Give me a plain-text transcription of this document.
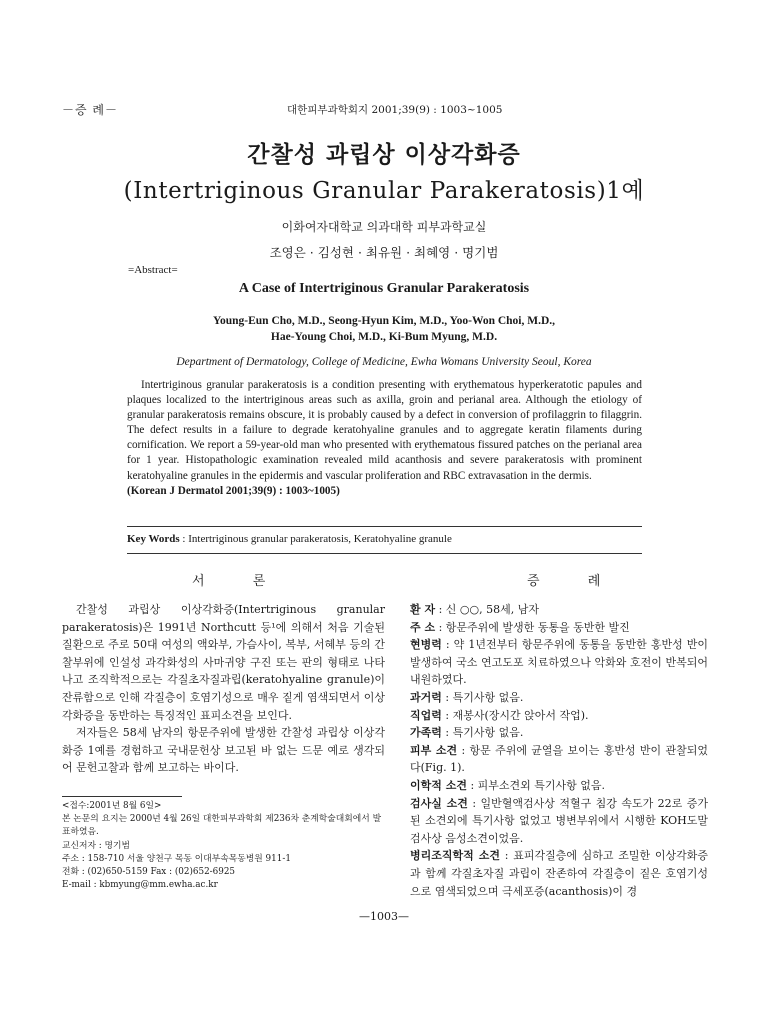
－증 례－	대한피부과학회지 2001;39(9) : 1003~1005
간찰성 과립상 이상각화증
(Intertriginous Granular Parakeratosis)1예
이화여자대학교 의과대학 피부과학교실
조영은 · 김성현 · 최유원 · 최혜영 · 명기범
=Abstract=
A Case of Intertriginous Granular Parakeratosis
Young-Eun Cho, M.D., Seong-Hyun Kim, M.D., Yoo-Won Choi, M.D.,
Hae-Young Choi, M.D., Ki-Bum Myung, M.D.
Department of Dermatology, College of Medicine, Ewha Womans University Seoul, Korea

Intertriginous granular parakeratosis is a condition presenting with erythematous hyperkeratotic papules and plaques localized to the intertriginous areas such as axilla, groin and perianal area. Although the etiology of granular parakeratosis remains obscure, it is probably caused by a defect in conversion of profilaggrin to filaggrin. The defect results in a failure to degrade keratohyaline granules and to aggregate keratin filaments during cornification. We report a 59-year-old man who presented with erythematous fissured patches on the perianal area for 1 year. Histopathologic examination revealed mild acanthosis and severe parakeratosis with prominent keratohyaline granules in the epidermis and vascular proliferation and RBC extravasation in the dermis.

(Korean J Dermatol 2001;39(9) : 1003~1005)
Key Words : Intertriginous granular parakeratosis, Keratohyaline granule
서 론	증 례

간찰성 과립상 이상각화증(Intertriginous granular parakeratosis)은 1991년 Northcutt 등¹에 의해서 처음 기술된 질환으로 주로 50대 여성의 액와부, 가슴사이, 복부, 서혜부 등의 간찰부위에 인설성 과각화성의 사마귀양 구진 또는 판의 형태로 나타나고 조직학적으로는 각질초자질과립(keratohyaline granule)이 잔류함으로 인해 각질층이 호염기성으로 매우 짙게 염색되면서 이상각화증을 동반하는 특징적인 표피소견을 보인다.

저자들은 58세 남자의 항문주위에 발생한 간찰성 과립상 이상각화증 1예를 경험하고 국내문헌상 보고된 바 없는 드문 예로 생각되어 문헌고찰과 함께 보고하는 바이다.

<접수:2001년 8월 6일>
본 논문의 요지는 2000년 4월 26일 대한피부과학회 제236차 춘계학술대회에서 발표하였음.
교신저자 : 명기범
주소 : 158-710 서울 양천구 목동 이대부속목동병원 911-1
전화 : (02)650-5159 Fax : (02)652-6925
E-mail : kbmyung@mm.ewha.ac.kr

환 자 : 신 ○○, 58세, 남자

주 소 : 항문주위에 발생한 동통을 동반한 발진

현병력 : 약 1년전부터 항문주위에 동통을 동반한 홍반성 반이 발생하여 국소 연고도포 치료하였으나 악화와 호전이 반복되어 내원하였다.

과거력 : 특기사항 없음.

직업력 : 재봉사(장시간 앉아서 작업).

가족력 : 특기사항 없음.

피부 소견 : 항문 주위에 균열을 보이는 홍반성 반이 관찰되었다(Fig. 1).

이학적 소견 : 피부소견외 특기사항 없음.

검사실 소견 : 일반혈액검사상 적혈구 침강 속도가 22로 증가된 소견외에 특기사항 없었고 병변부위에서 시행한 KOH도말 검사상 음성소견이었음.

병리조직학적 소견 : 표피각질층에 심하고 조밀한 이상각화증과 함께 각질초자질 과립이 잔존하여 각질층이 짙은 호염기성으로 염색되었으며 극세포증(acanthosis)이 경

—1003—
